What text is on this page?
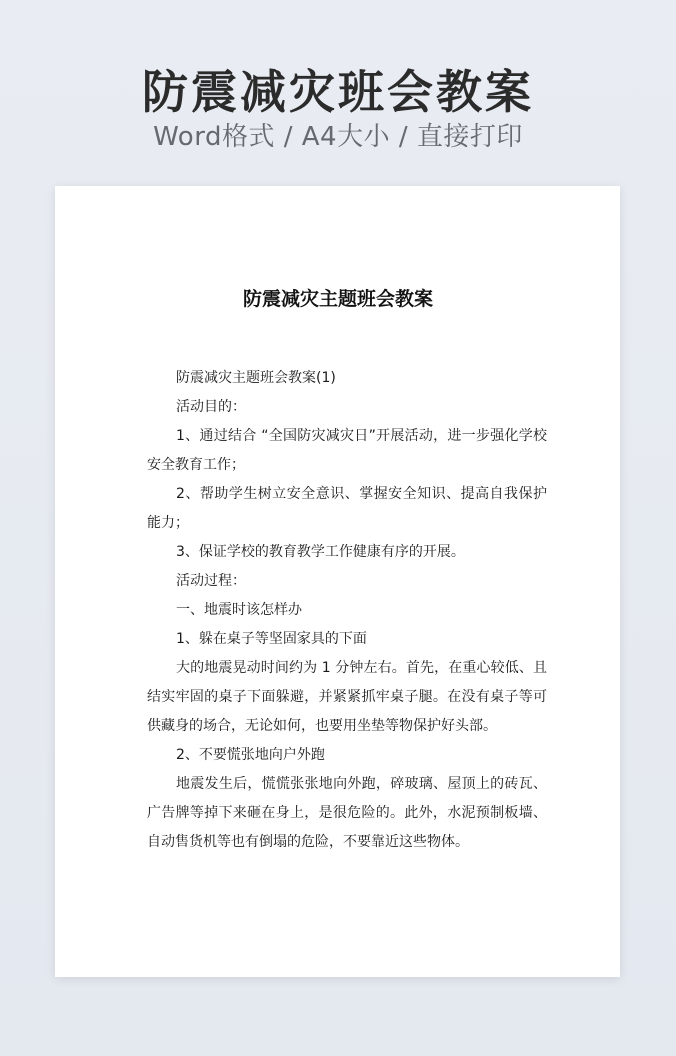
防震减灾班会教案
Word格式 / A4大小 / 直接打印
防震减灾主题班会教案

防震减灾主题班会教案(1)

活动目的：

1、通过结合 “全国防灾减灾日”开展活动，进一步强化学校安全教育工作；

2、帮助学生树立安全意识、掌握安全知识、提高自我保护能力；

3、保证学校的教育教学工作健康有序的开展。

活动过程：

一、地震时该怎样办

1、躲在桌子等坚固家具的下面

大的地震晃动时间约为 1 分钟左右。首先，在重心较低、且结实牢固的桌子下面躲避，并紧紧抓牢桌子腿。在没有桌子等可供藏身的场合，无论如何，也要用坐垫等物保护好头部。

2、不要慌张地向户外跑

地震发生后，慌慌张张地向外跑，碎玻璃、屋顶上的砖瓦、广告牌等掉下来砸在身上，是很危险的。此外，水泥预制板墙、自动售货机等也有倒塌的危险，不要靠近这些物体。
